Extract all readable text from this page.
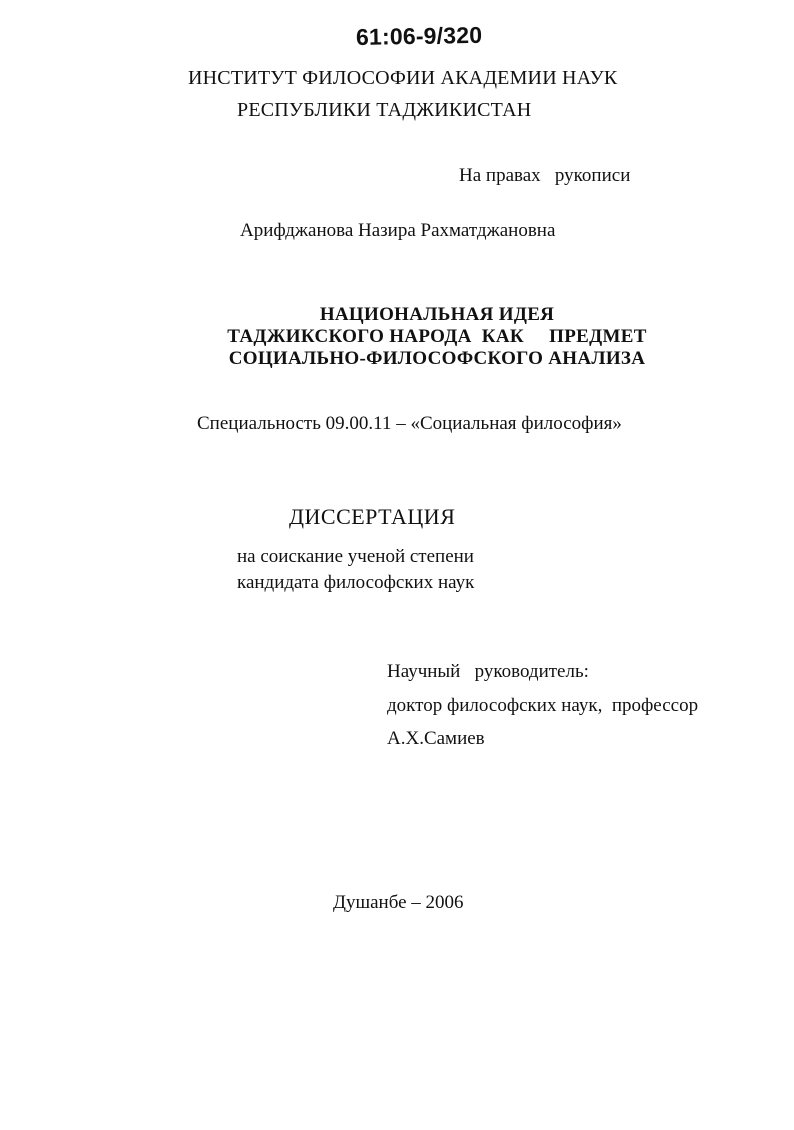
61:06-9/320
ИНСТИТУТ ФИЛОСОФИИ АКАДЕМИИ НАУК
РЕСПУБЛИКИ ТАДЖИКИСТАН
На правах   рукописи
Арифджанова Назира Рахматджановна
НАЦИОНАЛЬНАЯ ИДЕЯ
ТАДЖИКСКОГО НАРОДА  КАК     ПРЕДМЕТ
СОЦИАЛЬНО-ФИЛОСОФСКОГО АНАЛИЗА
Специальность 09.00.11 – «Социальная философия»
ДИССЕРТАЦИЯ
на соискание ученой степени
кандидата философских наук
Научный   руководитель:
доктор философских наук,  профессор
А.Х.Самиев
Душанбе – 2006
